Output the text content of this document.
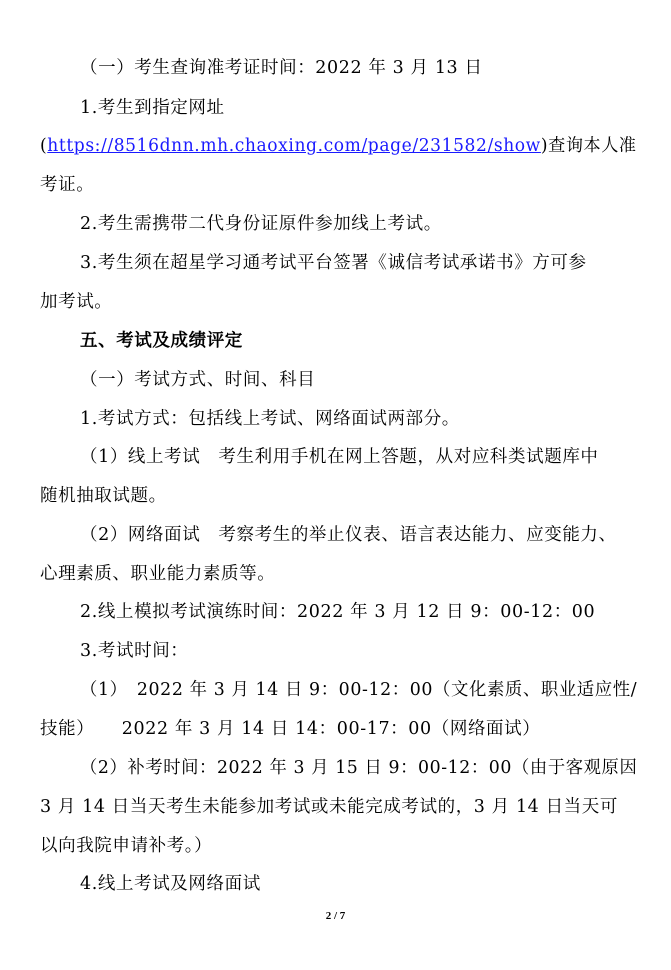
（一）考生查询准考证时间：2022 年 3 月 13 日
1.考生到指定网址
(https://8516dnn.mh.chaoxing.com/page/231582/show)查询本人准
考证。
2.考生需携带二代身份证原件参加线上考试。
3.考生须在超星学习通考试平台签署《诚信考试承诺书》方可参
加考试。
五、考试及成绩评定
（一）考试方式、时间、科目
1.考试方式：包括线上考试、网络面试两部分。
（1）线上考试　考生利用手机在网上答题，从对应科类试题库中
随机抽取试题。
（2）网络面试　考察考生的举止仪表、语言表达能力、应变能力、
心理素质、职业能力素质等。
2.线上模拟考试演练时间：2022 年 3 月 12 日 9：00-12：00
3.考试时间：
（1）　2022 年 3 月 14 日 9：00-12：00（文化素质、职业适应性/
技能）　　2022 年 3 月 14 日 14：00-17：00（网络面试）
（2）补考时间：2022 年 3 月 15 日 9：00-12：00（由于客观原因
3 月 14 日当天考生未能参加考试或未能完成考试的，3 月 14 日当天可
以向我院申请补考。）
4.线上考试及网络面试
2 / 7
